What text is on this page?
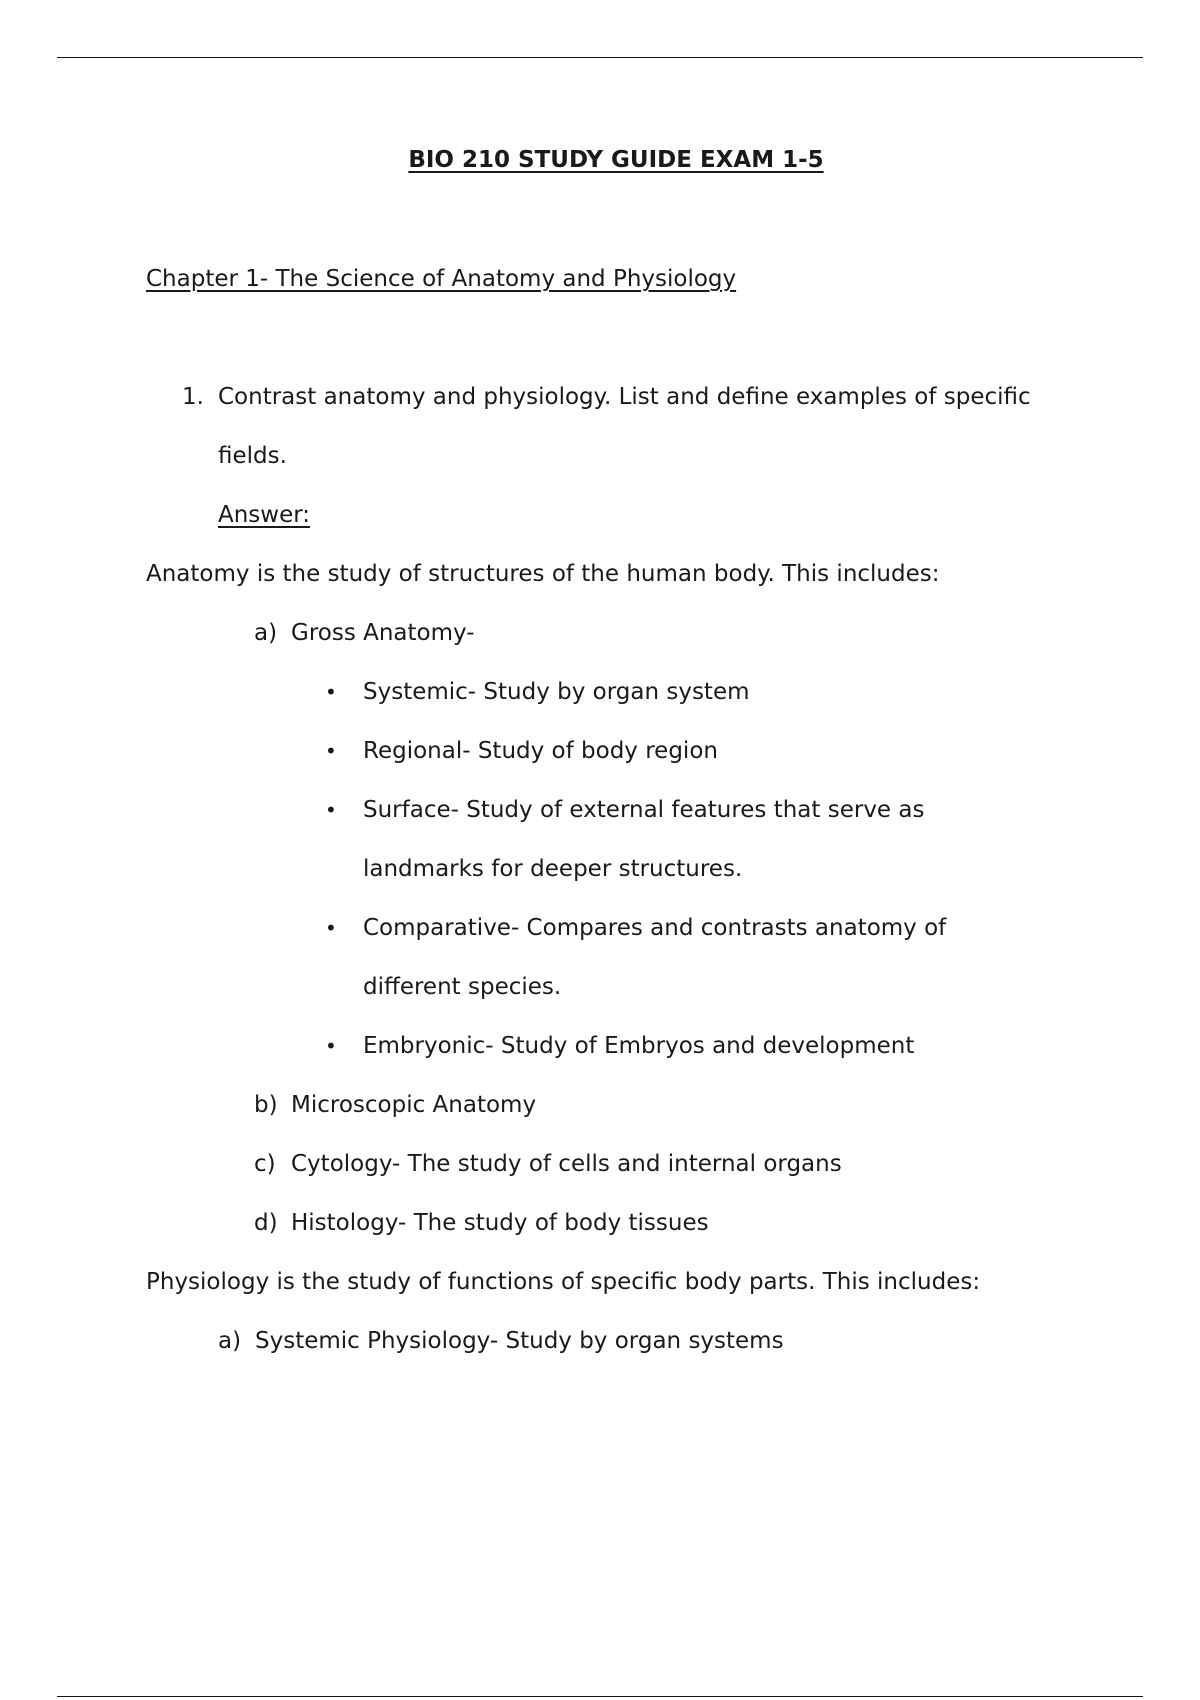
BIO 210 STUDY GUIDE EXAM 1-5
Chapter 1- The Science of Anatomy and Physiology
1. Contrast anatomy and physiology. List and define examples of specific
fields.
Answer:
Anatomy is the study of structures of the human body. This includes:
a) Gross Anatomy-
• Systemic- Study by organ system
• Regional- Study of body region
• Surface- Study of external features that serve as
landmarks for deeper structures.
• Comparative- Compares and contrasts anatomy of
different species.
• Embryonic- Study of Embryos and development
b) Microscopic Anatomy
c) Cytology- The study of cells and internal organs
d) Histology- The study of body tissues
Physiology is the study of functions of specific body parts. This includes:
a) Systemic Physiology- Study by organ systems
